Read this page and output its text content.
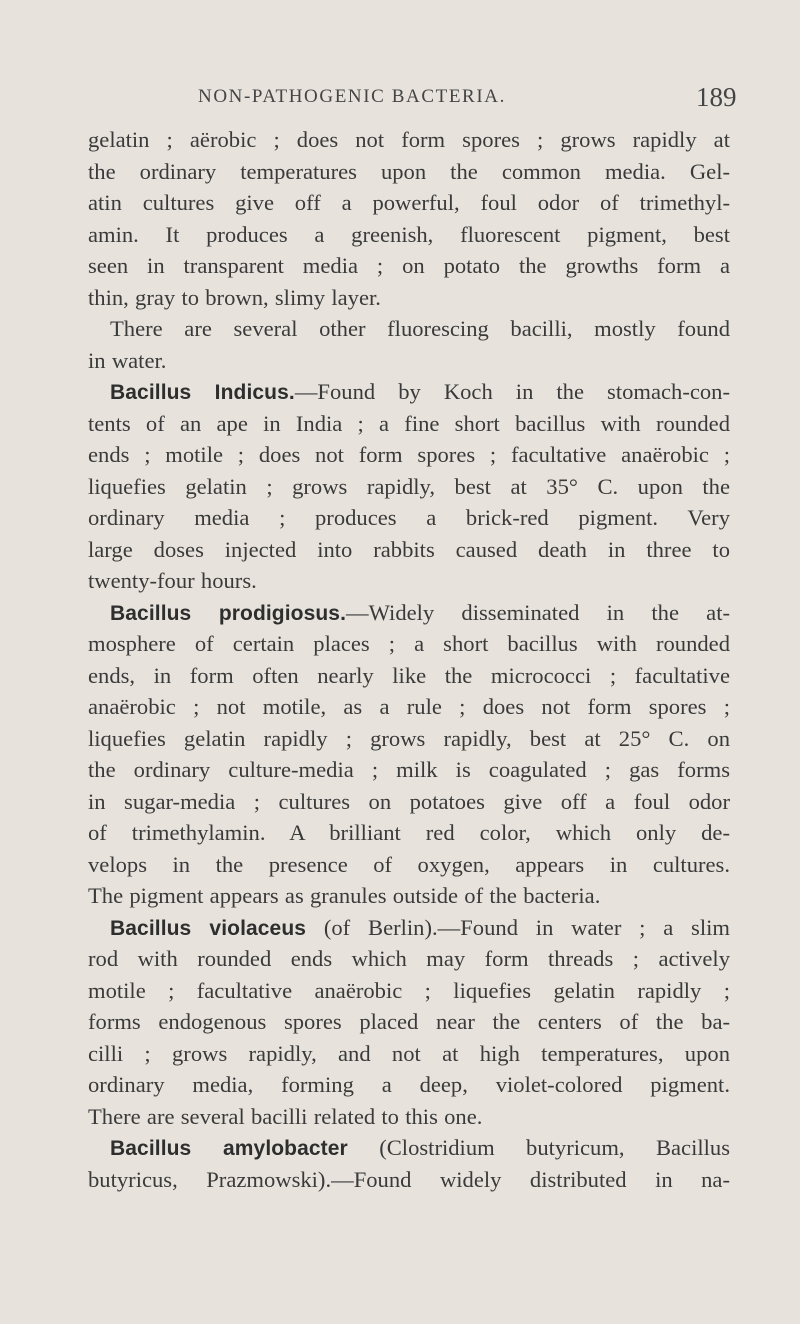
NON-PATHOGENIC BACTERIA.	189
gelatin ; aërobic ; does not form spores ; grows rapidly at
the ordinary temperatures upon the common media. Gel-
atin cultures give off a powerful, foul odor of trimethyl-
amin. It produces a greenish, fluorescent pigment, best
seen in transparent media ; on potato the growths form a
thin, gray to brown, slimy layer.
There are several other fluorescing bacilli, mostly found
in water.
Bacillus Indicus.—Found by Koch in the stomach-con-
tents of an ape in India ; a fine short bacillus with rounded
ends ; motile ; does not form spores ; facultative anaërobic ;
liquefies gelatin ; grows rapidly, best at 35° C. upon the
ordinary media ; produces a brick-red pigment. Very
large doses injected into rabbits caused death in three to
twenty-four hours.
Bacillus prodigiosus.—Widely disseminated in the at-
mosphere of certain places ; a short bacillus with rounded
ends, in form often nearly like the micrococci ; facultative
anaërobic ; not motile, as a rule ; does not form spores ;
liquefies gelatin rapidly ; grows rapidly, best at 25° C. on
the ordinary culture-media ; milk is coagulated ; gas forms
in sugar-media ; cultures on potatoes give off a foul odor
of trimethylamin. A brilliant red color, which only de-
velops in the presence of oxygen, appears in cultures.
The pigment appears as granules outside of the bacteria.
Bacillus violaceus (of Berlin).—Found in water ; a slim
rod with rounded ends which may form threads ; actively
motile ; facultative anaërobic ; liquefies gelatin rapidly ;
forms endogenous spores placed near the centers of the ba-
cilli ; grows rapidly, and not at high temperatures, upon
ordinary media, forming a deep, violet-colored pigment.
There are several bacilli related to this one.
Bacillus amylobacter (Clostridium butyricum, Bacillus
butyricus, Prazmowski).—Found widely distributed in na-
